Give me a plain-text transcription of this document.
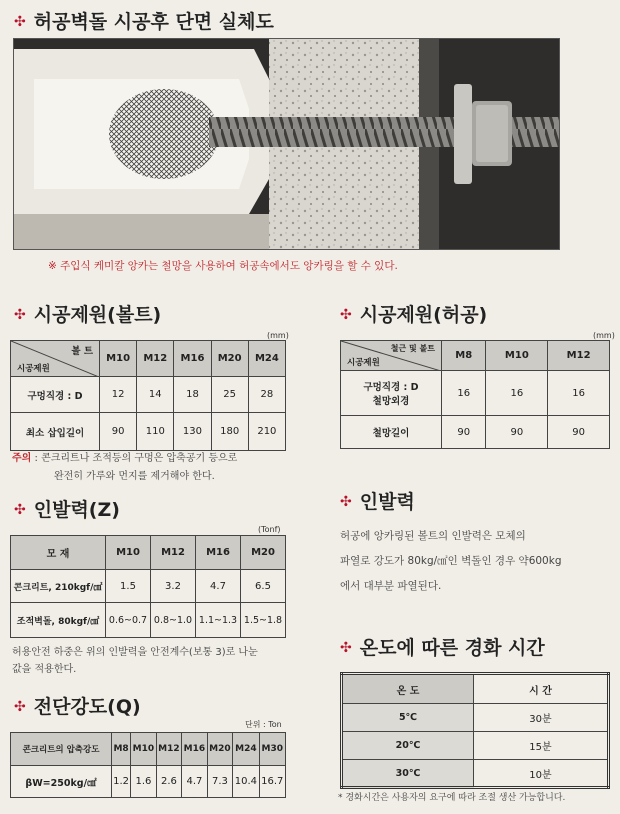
✣ 허공벽돌 시공후 단면 실체도
※ 주입식 케미칼 앙카는 철망을 사용하여 허공속에서도 앙카링을 할 수 있다.
✣ 시공제원(볼트)
(mm)
볼 트
시공제원	M10	M12	M16	M20	M24
구멍직경 : D	12	14	18	25	28
최소 삽입길이	90	110	130	180	210
주의 : 콘크리트나 조적등의 구멍은 압축공기 등으로
완전히 가루와 먼지를 제거해야 한다.
✣ 시공제원(허공)
(mm)
철근 및 볼트
시공제원	M8	M10	M12
구멍직경 : D
철망외경	16	16	16
철망길이	90	90	90
✣ 인발력(Z)
(Tonf)
모 재	M10	M12	M16	M20
콘크리트, 210kgf/㎠	1.5	3.2	4.7	6.5
조적벽돌, 80kgf/㎠	0.6~0.7	0.8~1.0	1.1~1.3	1.5~1.8
허용안전 하중은 위의 인발력을 안전계수(보통 3)로 나눈
값을 적용한다.
✣ 인발력
허공에 앙카링된 볼트의 인발력은 모체의
파열로 강도가 80kg/㎠인 벽돌인 경우 약600kg
에서 대부분 파열된다.
✣ 전단강도(Q)
단위 : Ton
콘크리트의 압축강도	M8	M10	M12	M16	M20	M24	M30
βW=250kg/㎠	1.2	1.6	2.6	4.7	7.3	10.4	16.7
✣ 온도에 따른 경화 시간
온 도	시 간
5℃	30분
20℃	15분
30℃	10분
* 경화시간은 사용자의 요구에 따라 조절 생산 가능합니다.
